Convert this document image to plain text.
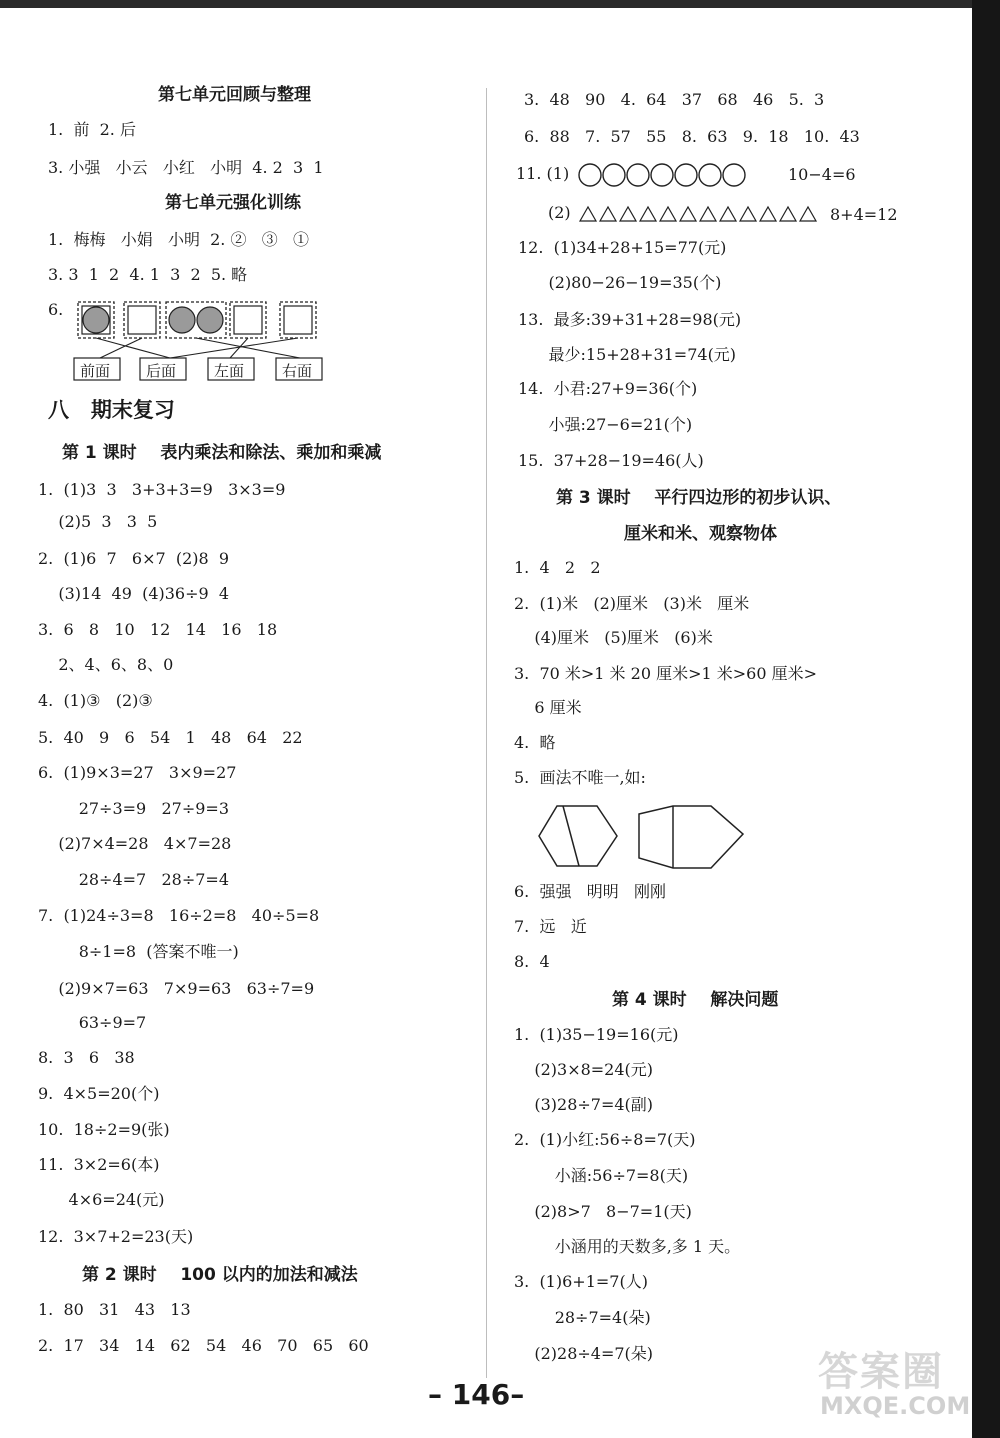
第七单元回顾与整理
1.  前  2. 后
3. 小强   小云   小红   小明  4. 2  3  1
第七单元强化训练
1.  梅梅   小娟   小明  2. ②   ③   ①
3. 3  1  2  4. 1  3  2  5. 略
6.
前面 后面	左面	右面
八   期末复习
第 1 课时    表内乘法和除法、乘加和乘减
1.  (1)3  3   3+3+3=9   3×3=9
(2)5  3   3  5
2.  (1)6  7   6×7  (2)8  9
(3)14  49  (4)36÷9  4
3.  6   8   10   12   14   16   18
2、4、6、8、0
4.  (1)③   (2)③
5.  40   9   6   54   1   48   64   22
6.  (1)9×3=27   3×9=27
27÷3=9   27÷9=3
(2)7×4=28   4×7=28
28÷4=7   28÷7=4
7.  (1)24÷3=8   16÷2=8   40÷5=8
8÷1=8  (答案不唯一)
(2)9×7=63   7×9=63   63÷7=9
63÷9=7
8.  3   6   38
9.  4×5=20(个)
10.  18÷2=9(张)
11.  3×2=6(本)
4×6=24(元)
12.  3×7+2=23(天)
第 2 课时    100 以内的加法和减法
1.  80   31   43   13
2.  17   34   14   62   54   46   70   65   60
3.  48   90   4.  64   37   68   46   5.  3
6.  88   7.  57   55   8.  63   9.  18   10.  43
11. (1)	10−4=6
(2)	8+4=12
12.  (1)34+28+15=77(元)
(2)80−26−19=35(个)
13.  最多:39+31+28=98(元)
最少:15+28+31=74(元)
14.  小君:27+9=36(个)
小强:27−6=21(个)
15.  37+28−19=46(人)
第 3 课时    平行四边形的初步认识、
厘米和米、观察物体
1.  4   2   2
2.  (1)米   (2)厘米   (3)米   厘米
(4)厘米   (5)厘米   (6)米
3.  70 米>1 米 20 厘米>1 米>60 厘米>
6 厘米
4.  略
5.  画法不唯一,如:
6.  强强   明明   刚刚
7.  远   近
8.  4
第 4 课时    解决问题
1.  (1)35−19=16(元)
(2)3×8=24(元)
(3)28÷7=4(副)
2.  (1)小红:56÷8=7(天)
小涵:56÷7=8(天)
(2)8>7   8−7=1(天)
小涵用的天数多,多 1 天。
3.  (1)6+1=7(人)
28÷7=4(朵)
(2)28÷4=7(朵)
– 146–	答案圈
MXQE.COM
